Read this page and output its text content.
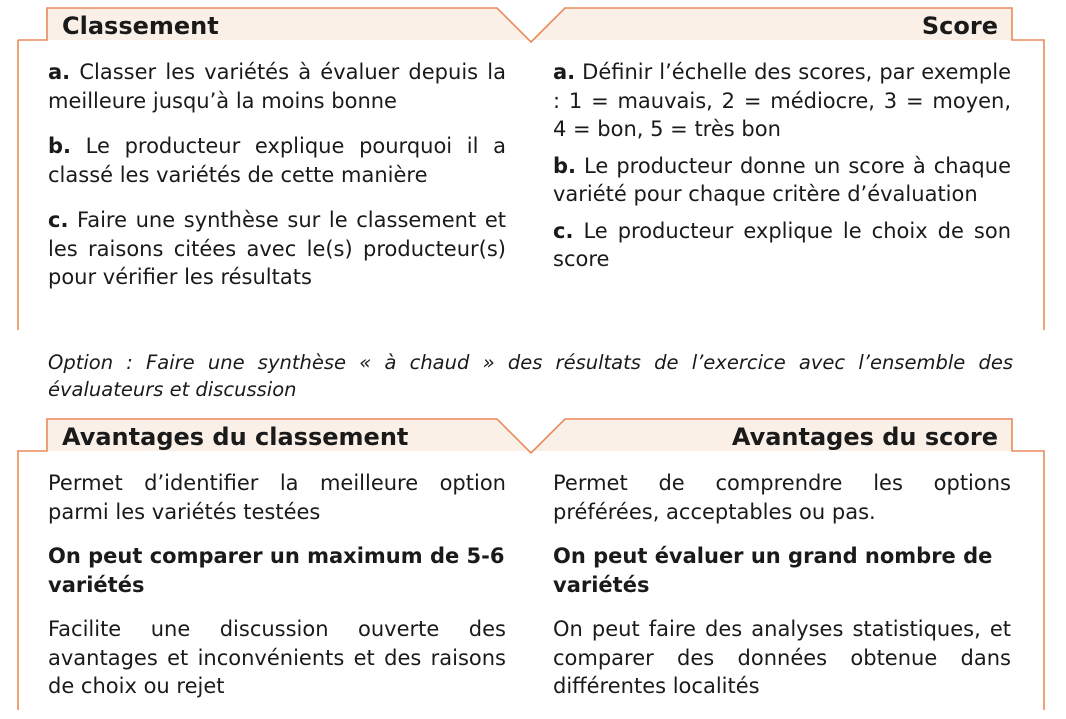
Classement	Score

a. Classer les variétés à évaluer depuis la meilleure jusqu’à la moins bonne

b. Le producteur explique pourquoi il a classé les variétés de cette manière

c. Faire une synthèse sur le classement et les raisons citées avec le(s) producteur(s) pour vérifier les résultats

a. Définir l’échelle des scores, par exemple : 1 = mauvais, 2 = médiocre, 3 = moyen, 4 = bon, 5 = très bon

b. Le producteur donne un score à chaque variété pour chaque critère d’évaluation

c. Le producteur explique le choix de son score

Option : Faire une synthèse « à chaud » des résultats de l’exercice avec l’ensemble des évaluateurs et discussion
Avantages du classement	Avantages du score

Permet d’identifier la meilleure option parmi les variétés testées

On peut comparer un maximum de 5-6 variétés

Facilite une discussion ouverte des avantages et inconvénients et des raisons de choix ou rejet

Permet de comprendre les options préférées, acceptables ou pas.

On peut évaluer un grand nombre de variétés

On peut faire des analyses statistiques, et comparer des données obtenue dans différentes localités
